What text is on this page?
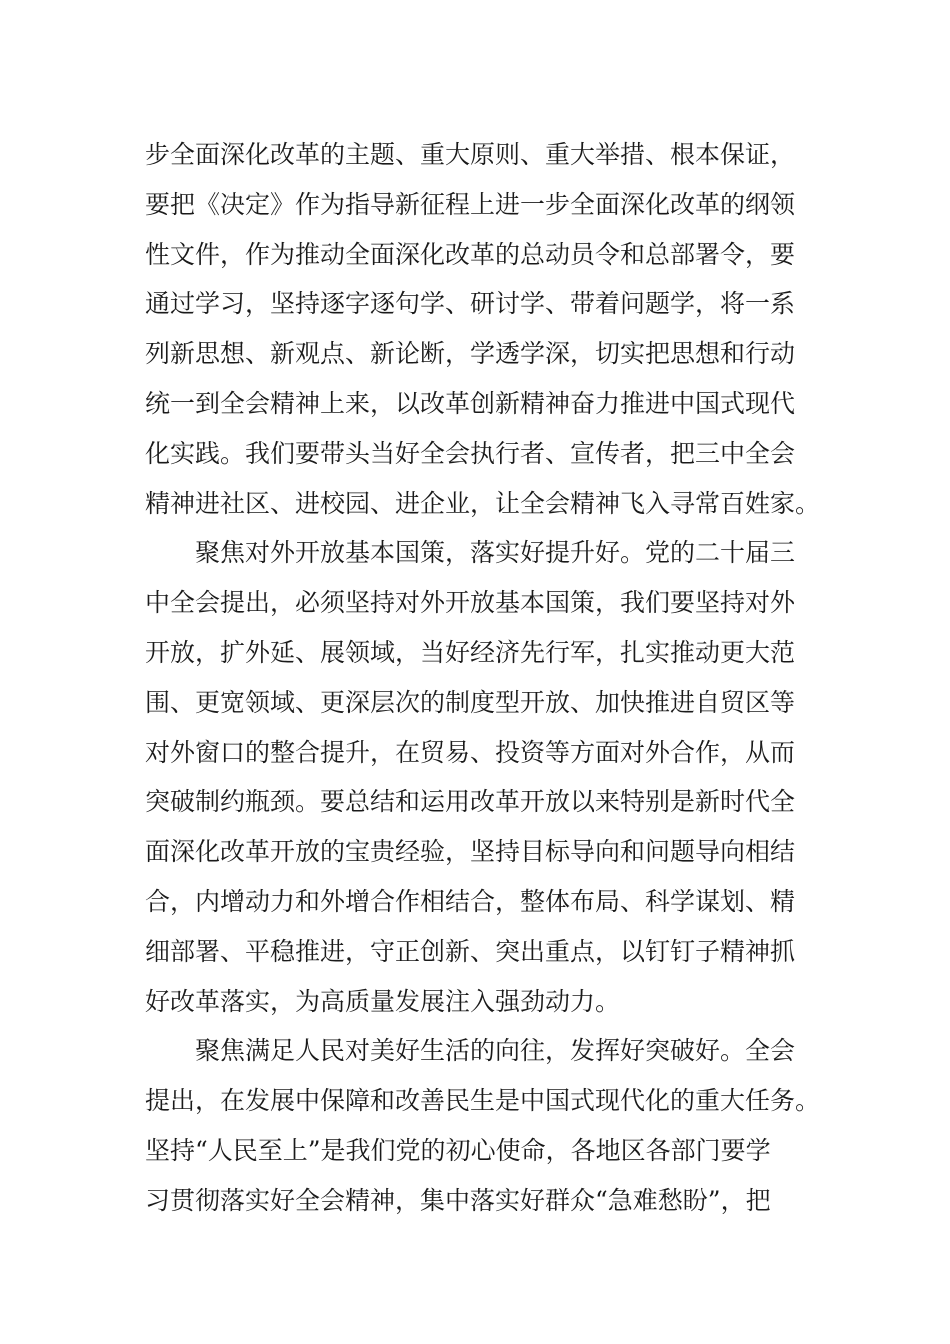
步全面深化改革的主题、重大原则、重大举措、根本保证，
要把《决定》作为指导新征程上进一步全面深化改革的纲领
性文件，作为推动全面深化改革的总动员令和总部署令，要
通过学习，坚持逐字逐句学、研讨学、带着问题学，将一系
列新思想、新观点、新论断，学透学深，切实把思想和行动
统一到全会精神上来，以改革创新精神奋力推进中国式现代
化实践。我们要带头当好全会执行者、宣传者，把三中全会
精神进社区、进校园、进企业，让全会精神飞入寻常百姓家。
聚焦对外开放基本国策，落实好提升好。党的二十届三
中全会提出，必须坚持对外开放基本国策，我们要坚持对外
开放，扩外延、展领域，当好经济先行军，扎实推动更大范
围、更宽领域、更深层次的制度型开放、加快推进自贸区等
对外窗口的整合提升，在贸易、投资等方面对外合作，从而
突破制约瓶颈。要总结和运用改革开放以来特别是新时代全
面深化改革开放的宝贵经验，坚持目标导向和问题导向相结
合，内增动力和外增合作相结合，整体布局、科学谋划、精
细部署、平稳推进，守正创新、突出重点，以钉钉子精神抓
好改革落实，为高质量发展注入强劲动力。
聚焦满足人民对美好生活的向往，发挥好突破好。全会
提出，在发展中保障和改善民生是中国式现代化的重大任务。
坚持“人民至上”是我们党的初心使命，各地区各部门要学
习贯彻落实好全会精神，集中落实好群众“急难愁盼”，把
